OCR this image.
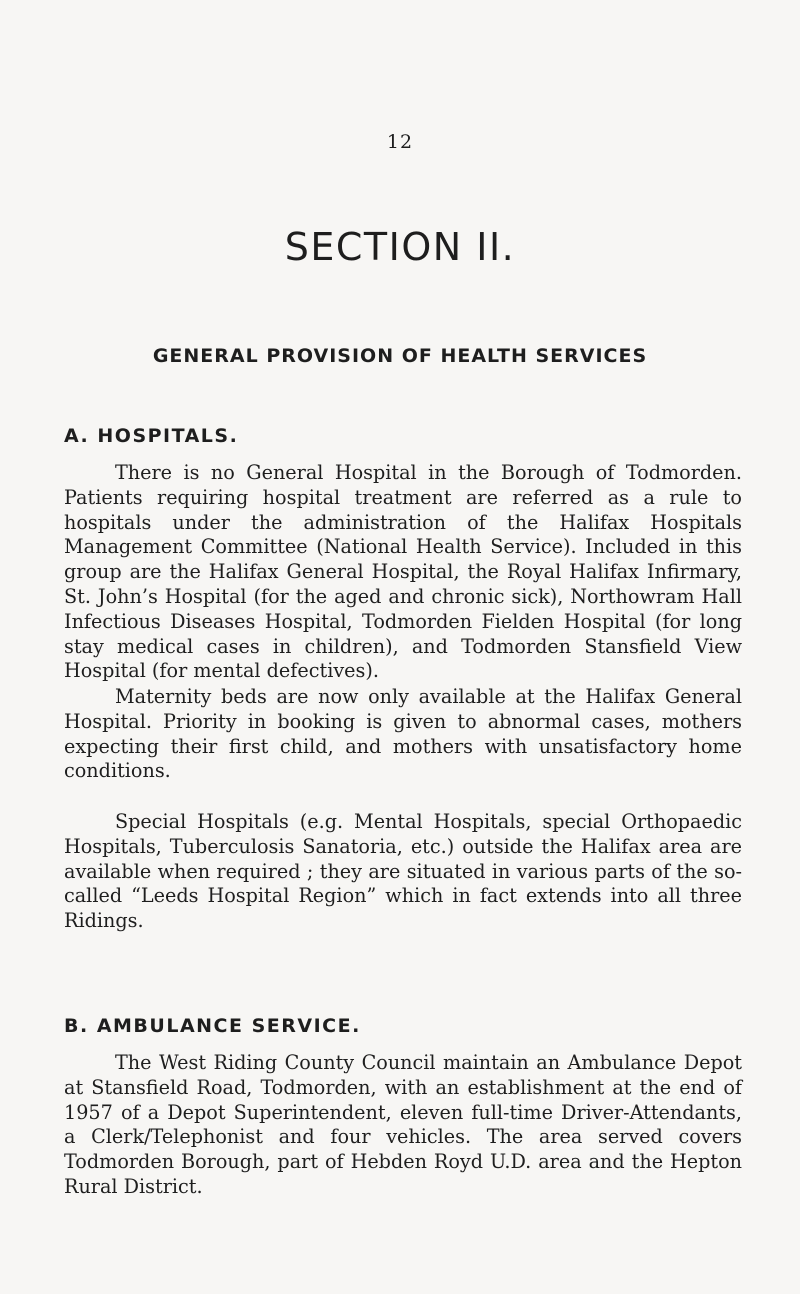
12
SECTION II.
GENERAL PROVISION OF HEALTH SERVICES
A. HOSPITALS.

There is no General Hospital in the Borough of Todmorden. Patients requiring hospital treatment are referred as a rule to hospitals under the administration of the Halifax Hospitals Management Committee (National Health Service). Included in this group are the Halifax General Hospital, the Royal Halifax Infirmary, St. John’s Hospital (for the aged and chronic sick), Northowram Hall Infectious Diseases Hospital, Todmorden Fielden Hospital (for long stay medical cases in children), and Todmorden Stansfield View Hospital (for mental defectives).

Maternity beds are now only available at the Halifax General Hospital. Priority in booking is given to abnormal cases, mothers expecting their first child, and mothers with unsatisfactory home conditions.

Special Hospitals (e.g. Mental Hospitals, special Orthopaedic Hospitals, Tuberculosis Sanatoria, etc.) outside the Halifax area are available when required ; they are situated in various parts of the so-called “Leeds Hospital Region” which in fact extends into all three Ridings.

B. AMBULANCE SERVICE.

The West Riding County Council maintain an Ambulance Depot at Stansfield Road, Todmorden, with an establishment at the end of 1957 of a Depot Superintendent, eleven full-time Driver-Attendants, a Clerk/Telephonist and four vehicles. The area served covers Todmorden Borough, part of Hebden Royd U.D. area and the Hepton Rural District.
